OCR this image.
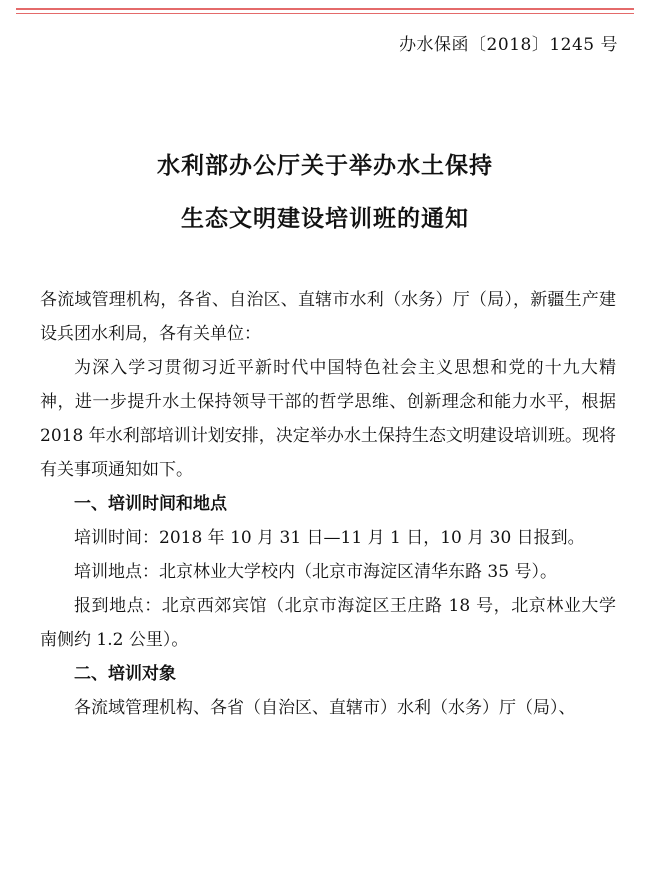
办水保函〔2018〕1245 号
水利部办公厅关于举办水土保持
生态文明建设培训班的通知

各流域管理机构，各省、自治区、直辖市水利（水务）厅（局），新疆生产建设兵团水利局，各有关单位：

为深入学习贯彻习近平新时代中国特色社会主义思想和党的十九大精神，进一步提升水土保持领导干部的哲学思维、创新理念和能力水平，根据 2018 年水利部培训计划安排，决定举办水土保持生态文明建设培训班。现将有关事项通知如下。

一、培训时间和地点

培训时间：2018 年 10 月 31 日—11 月 1 日，10 月 30 日报到。

培训地点：北京林业大学校内（北京市海淀区清华东路 35 号）。

报到地点：北京西郊宾馆（北京市海淀区王庄路 18 号，北京林业大学南侧约 1.2 公里）。

二、培训对象

各流域管理机构、各省（自治区、直辖市）水利（水务）厅（局）、
